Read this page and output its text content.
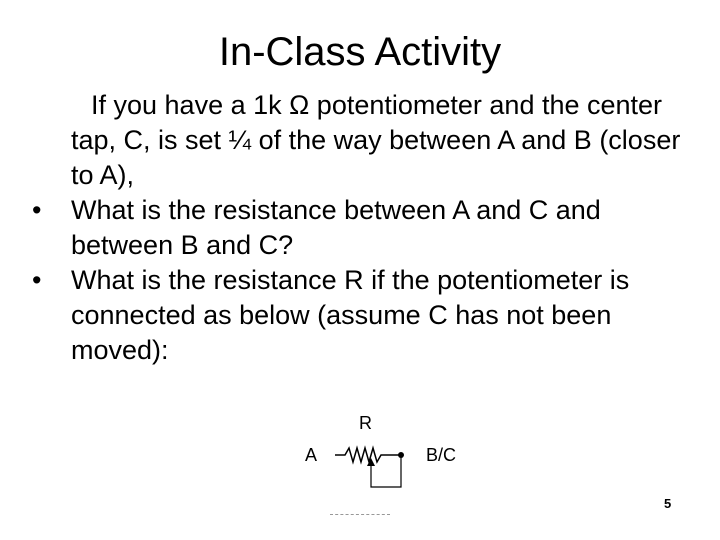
In-Class Activity

If you have a 1k Ω potentiometer and the center tap, C, is set ¼ of the way between A and B (closer to A),

• What is the resistance between A and C and between B and C?
• What is the resistance R if the potentiometer is connected as below (assume C has not been moved):
R
A	B/C
5
